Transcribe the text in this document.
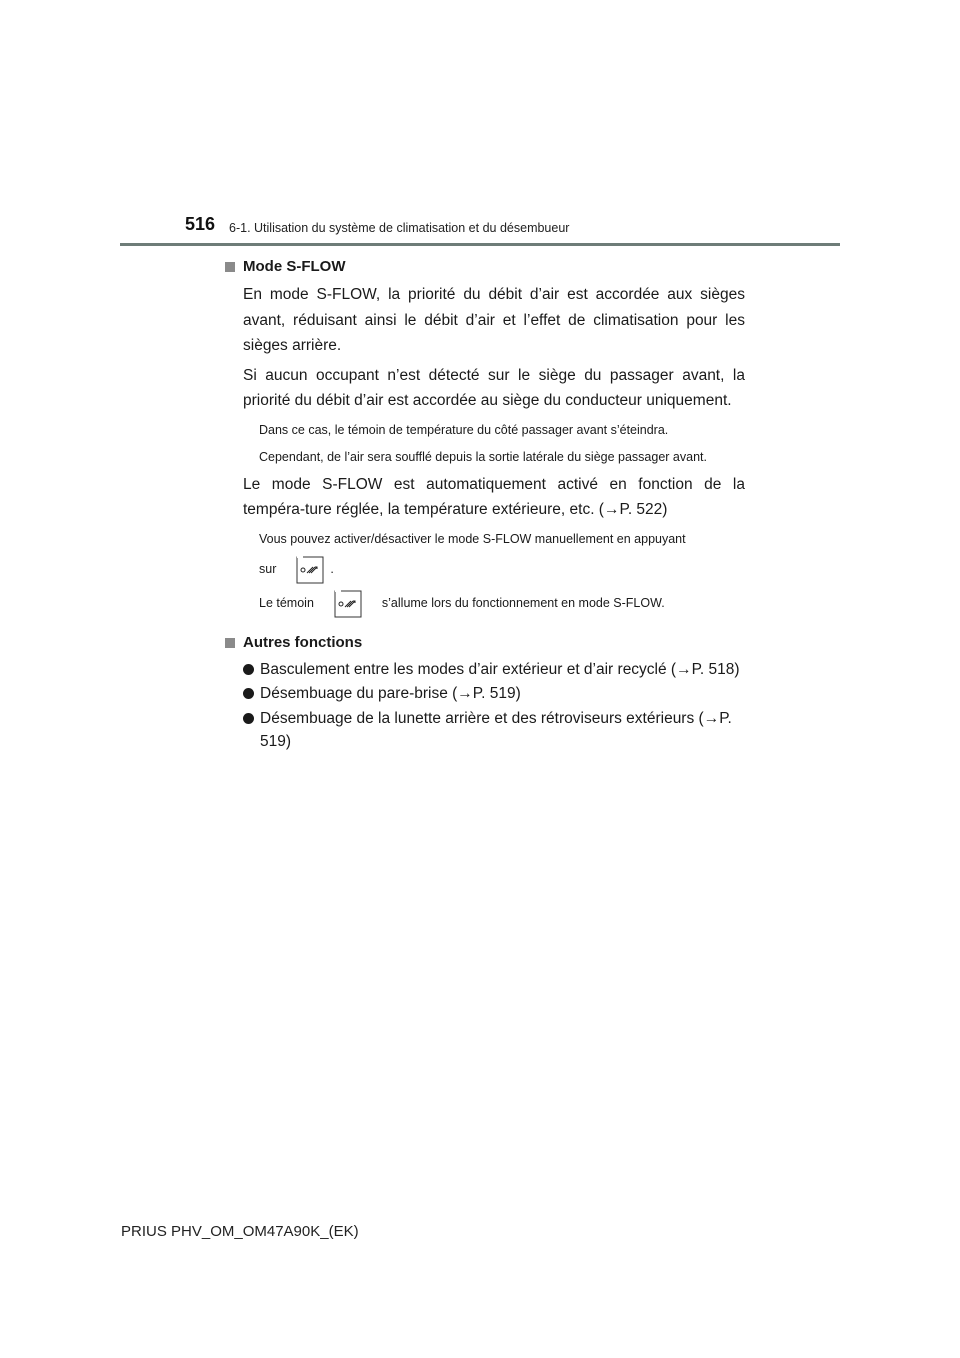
516 6-1. Utilisation du système de climatisation et du désembueur

Mode S-FLOW

En mode S-FLOW, la priorité du débit d’air est accordée aux sièges avant, réduisant ainsi le débit d’air et l’effet de climatisation pour les sièges arrière.

Si aucun occupant n’est détecté sur le siège du passager avant, la priorité du débit d’air est accordée au siège du conducteur uniquement.

Dans ce cas, le témoin de température du côté passager avant s’éteindra.

Cependant, de l’air sera soufflé depuis la sortie latérale du siège passager avant.

Le mode S-FLOW est automatiquement activé en fonction de la tempéra-ture réglée, la température extérieure, etc. (→P. 522)

Vous pouvez activer/désactiver le mode S-FLOW manuellement en appuyant

sur	.
Le témoin	s’allume lors du fonctionnement en mode S-FLOW.

Autres fonctions

Basculement entre les modes d’air extérieur et d’air recyclé (→P. 518)
Désembuage du pare-brise (→P. 519)
Désembuage de la lunette arrière et des rétroviseurs extérieurs (→P. 519)
PRIUS PHV_OM_OM47A90K_(EK)
